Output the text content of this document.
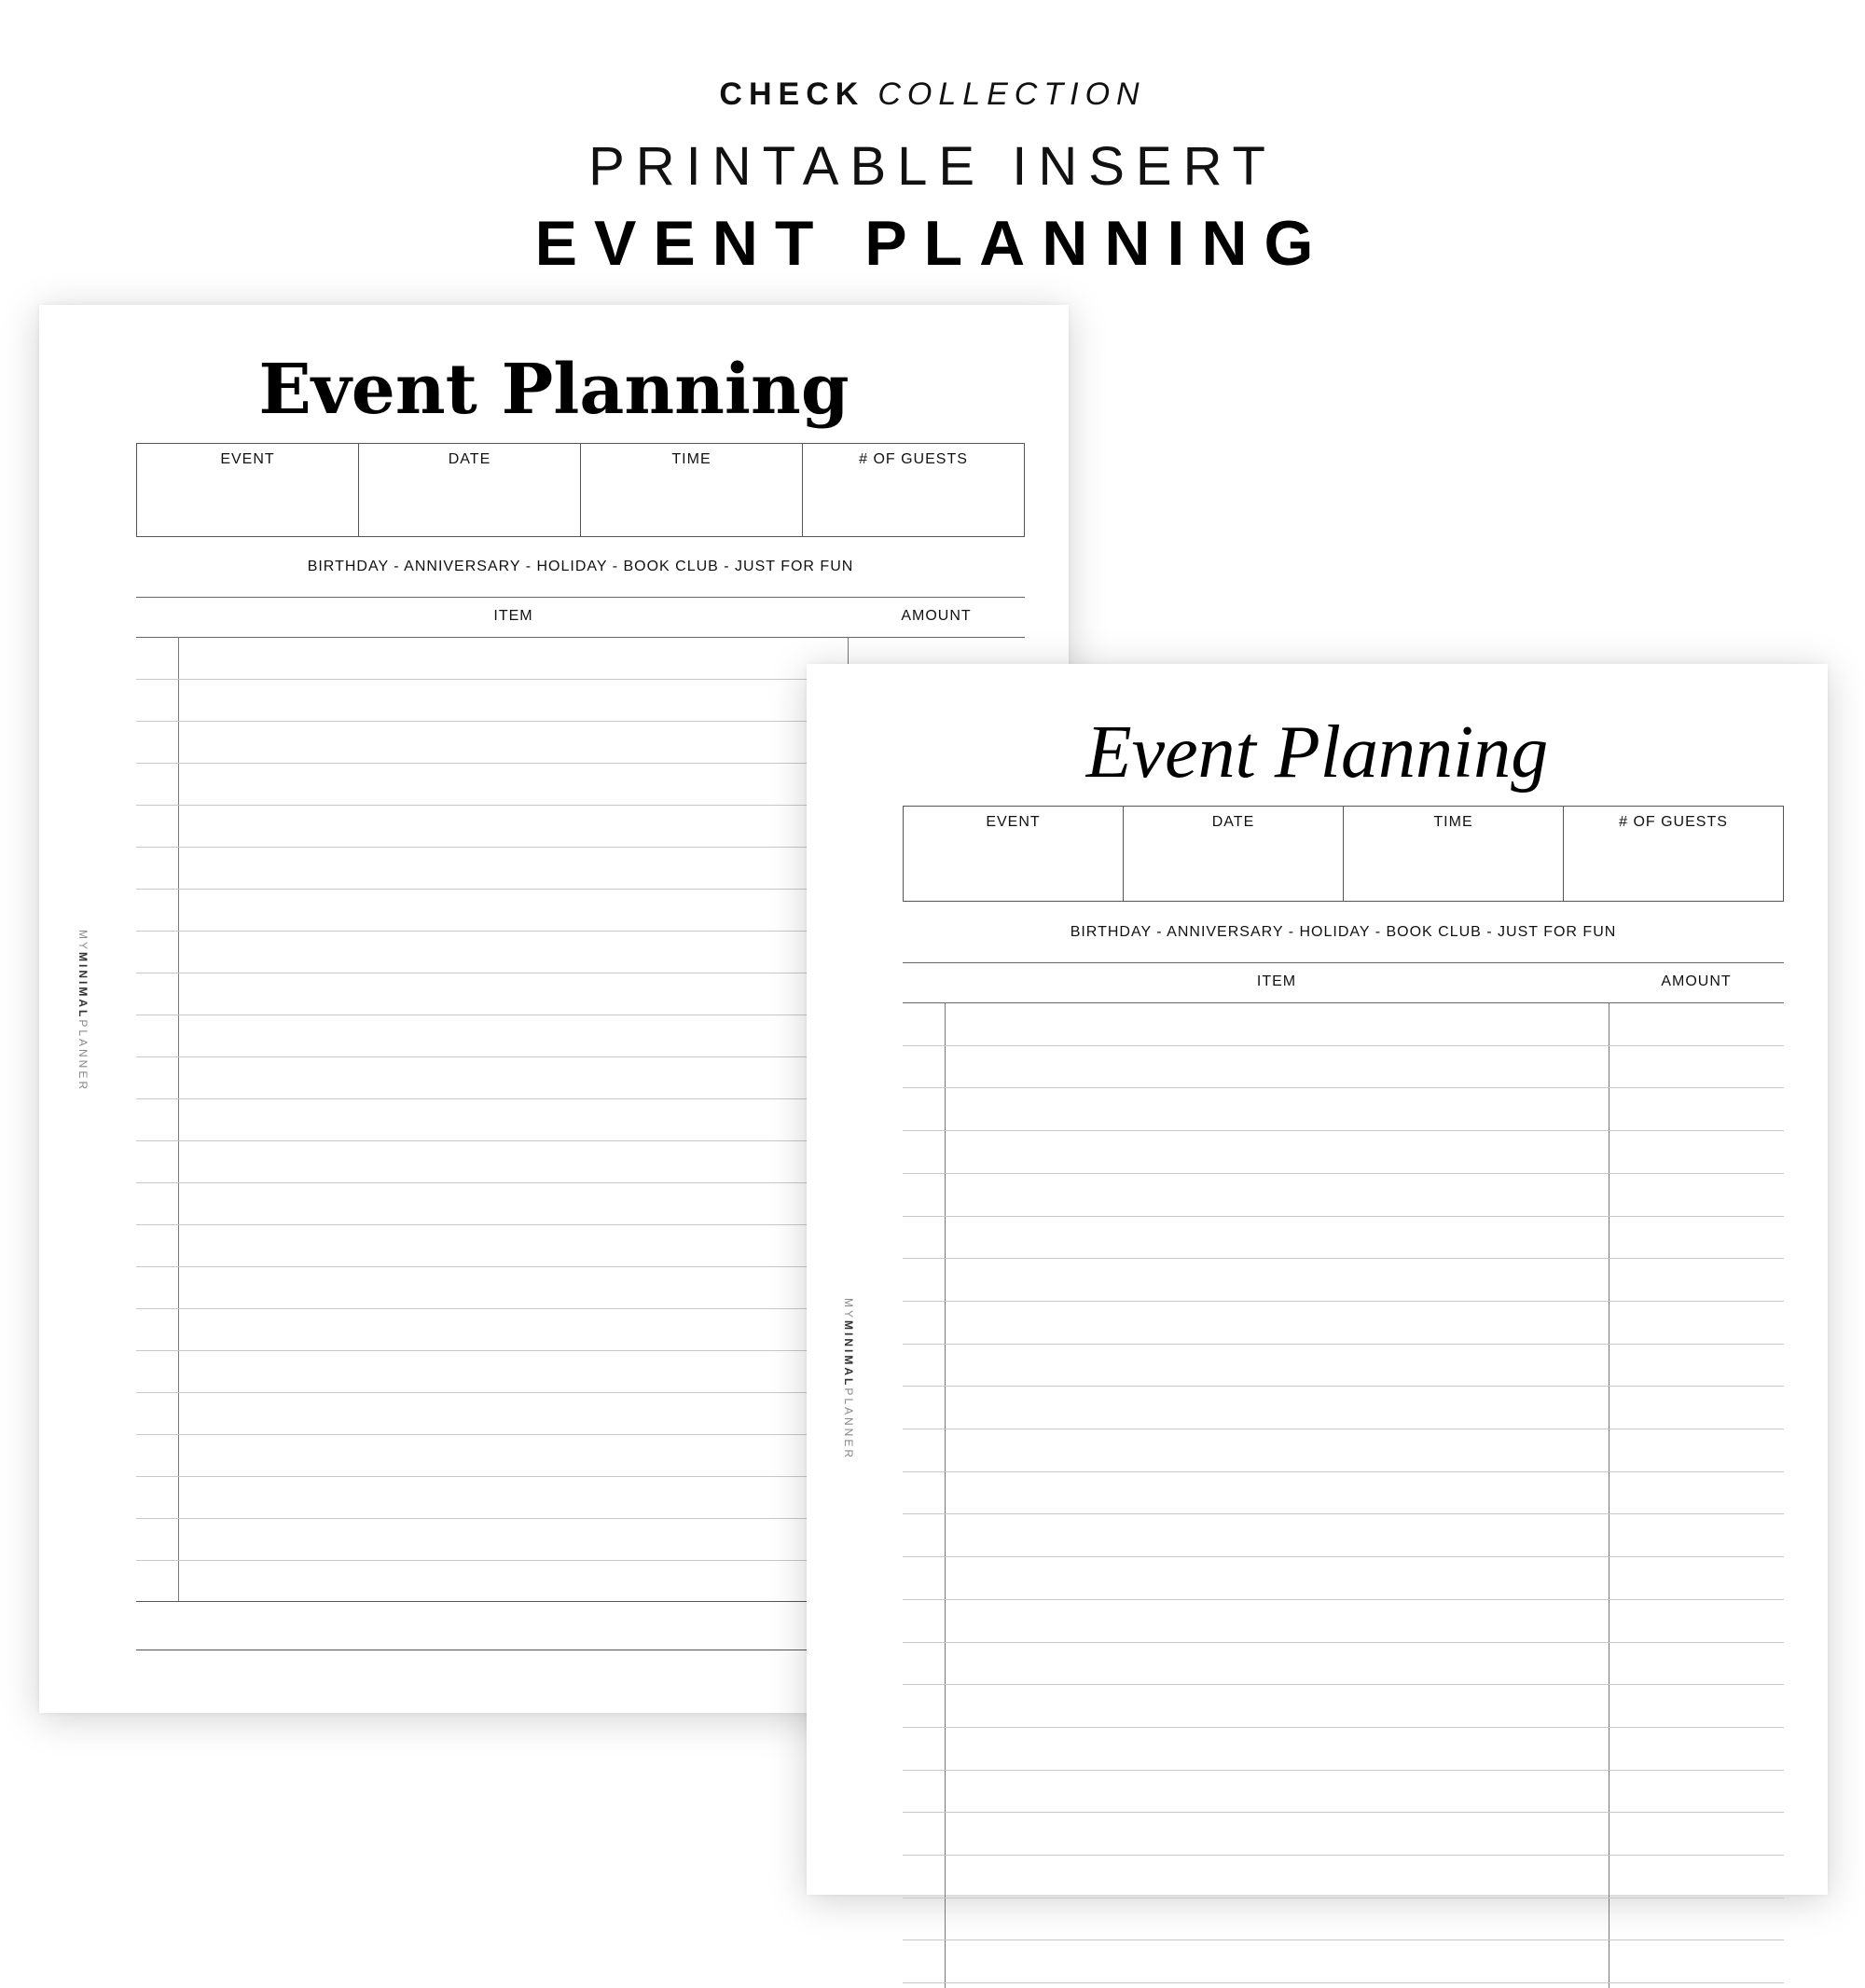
CHECK COLLECTION
PRINTABLE INSERT
EVENT PLANNING
Event Planning
EVENT	DATE	TIME	# OF GUESTS
BIRTHDAY - ANNIVERSARY - HOLIDAY - BOOK CLUB - JUST FOR FUN
ITEM	AMOUNT
MYMINIMALPLANNER
Event Planning
EVENT	DATE	TIME	# OF GUESTS
BIRTHDAY - ANNIVERSARY - HOLIDAY - BOOK CLUB - JUST FOR FUN
ITEM	AMOUNT
MYMINIMALPLANNER
